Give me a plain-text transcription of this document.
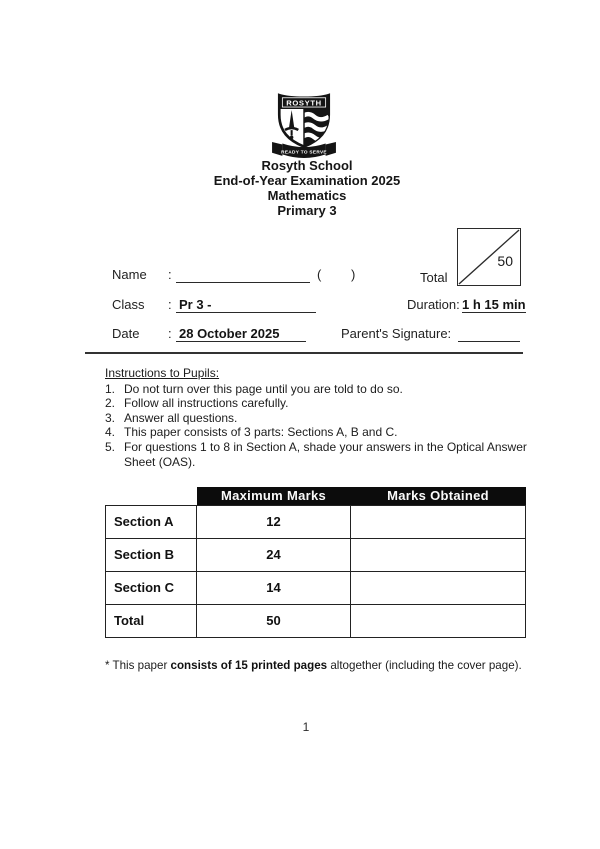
ROSYTH
READY TO SERVE
Rosyth School
End-of-Year Examination 2025
Mathematics
Primary 3
Total
50
Name :	( )
Class : Pr 3 -	Duration: 1 h 15 min
Date : 28 October 2025	Parent's Signature:
Instructions to Pupils:
1. Do not turn over this page until you are told to do so.
2. Follow all instructions carefully.
3. Answer all questions.
4. This paper consists of 3 parts: Sections A, B and C.
5. For questions 1 to 8 in Section A, shade your answers in the Optical Answer
Sheet (OAS).
	Maximum Marks	Marks Obtained
Section A	12	
Section B	24	
Section C	14	
Total	50	
* This paper consists of 15 printed pages altogether (including the cover page).
1
